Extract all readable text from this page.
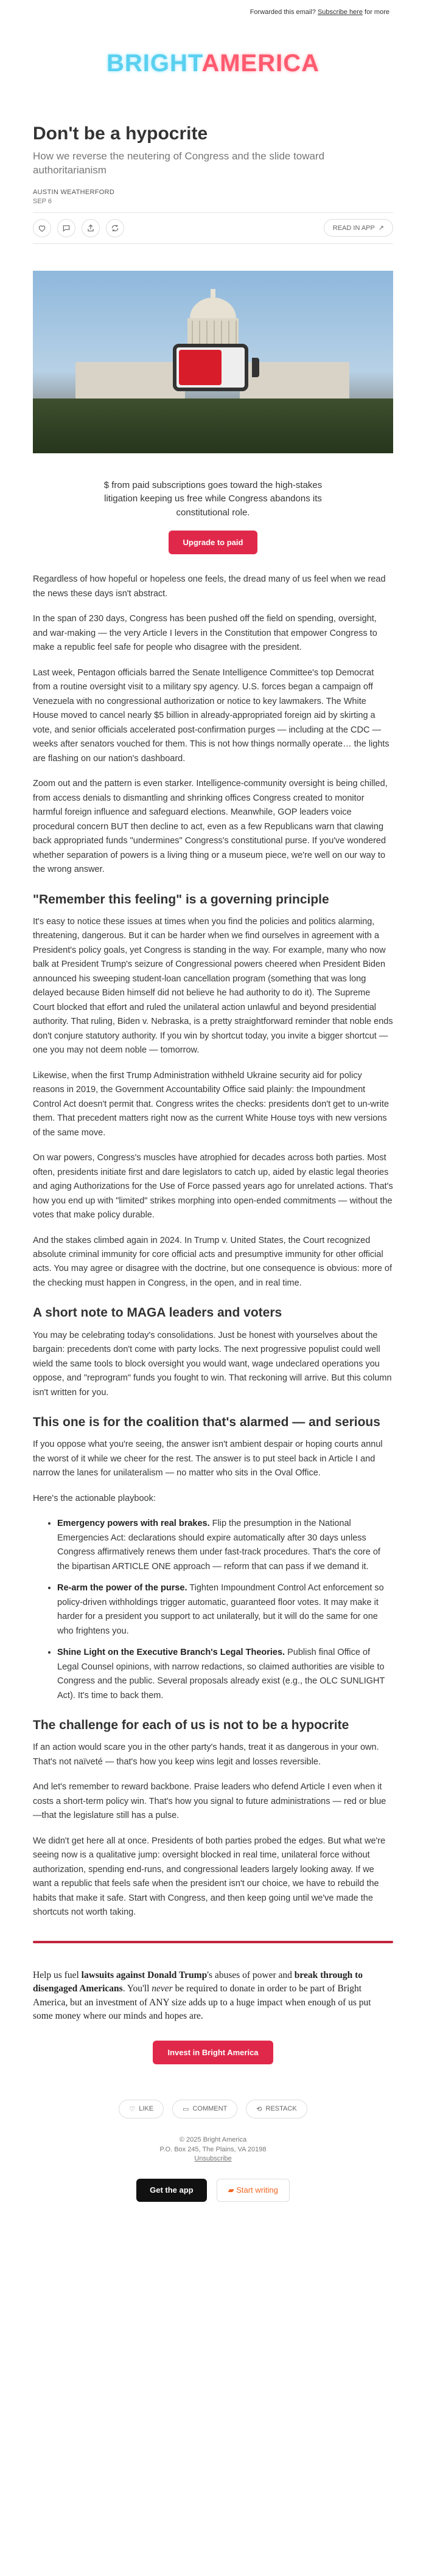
Forwarded this email? Subscribe here for more
BRIGHTAMERICA
Don't be a hypocrite
How we reverse the neutering of Congress and the slide toward authoritarianism
AUSTIN WEATHERFORD
SEP 6
READ IN APP  ↗
$ from paid subscriptions goes toward the high-stakes litigation keeping us free while Congress abandons its constitutional role.
Upgrade to paid

Regardless of how hopeful or hopeless one feels, the dread many of us feel when we read the news these days isn't abstract.

In the span of 230 days, Congress has been pushed off the field on spending, oversight, and war-making — the very Article I levers in the Constitution that empower Congress to make a republic feel safe for people who disagree with the president.

Last week, Pentagon officials barred the Senate Intelligence Committee's top Democrat from a routine oversight visit to a military spy agency. U.S. forces began a campaign off Venezuela with no congressional authorization or notice to key lawmakers. The White House moved to cancel nearly $5 billion in already-appropriated foreign aid by skirting a vote, and senior officials accelerated post-confirmation purges — including at the CDC — weeks after senators vouched for them. This is not how things normally operate… the lights are flashing on our nation's dashboard.

Zoom out and the pattern is even starker. Intelligence-community oversight is being chilled, from access denials to dismantling and shrinking offices Congress created to monitor harmful foreign influence and safeguard elections. Meanwhile, GOP leaders voice procedural concern BUT then decline to act, even as a few Republicans warn that clawing back appropriated funds "undermines" Congress's constitutional purse. If you've wondered whether separation of powers is a living thing or a museum piece, we're well on our way to the wrong answer.

"Remember this feeling" is a governing principle

It's easy to notice these issues at times when you find the policies and politics alarming, threatening, dangerous. But it can be harder when we find ourselves in agreement with a President's policy goals, yet Congress is standing in the way. For example, many who now balk at President Trump's seizure of Congressional powers cheered when President Biden announced his sweeping student-loan cancellation program (something that was long delayed because Biden himself did not believe he had authority to do it). The Supreme Court blocked that effort and ruled the unilateral action unlawful and beyond presidential authority. That ruling, Biden v. Nebraska, is a pretty straightforward reminder that noble ends don't conjure statutory authority. If you win by shortcut today, you invite a bigger shortcut —one you may not deem noble — tomorrow.

Likewise, when the first Trump Administration withheld Ukraine security aid for policy reasons in 2019, the Government Accountability Office said plainly: the Impoundment Control Act doesn't permit that. Congress writes the checks: presidents don't get to un-write them. That precedent matters right now as the current White House toys with new versions of the same move.

On war powers, Congress's muscles have atrophied for decades across both parties. Most often, presidents initiate first and dare legislators to catch up, aided by elastic legal theories and aging Authorizations for the Use of Force passed years ago for unrelated actions. That's how you end up with "limited" strikes morphing into open-ended commitments — without the votes that make policy durable.

And the stakes climbed again in 2024. In Trump v. United States, the Court recognized absolute criminal immunity for core official acts and presumptive immunity for other official acts. You may agree or disagree with the doctrine, but one consequence is obvious: more of the checking must happen in Congress, in the open, and in real time.

A short note to MAGA leaders and voters

You may be celebrating today's consolidations. Just be honest with yourselves about the bargain: precedents don't come with party locks. The next progressive populist could well wield the same tools to block oversight you would want, wage undeclared operations you oppose, and "reprogram" funds you fought to win. That reckoning will arrive. But this column isn't written for you.

This one is for the coalition that's alarmed — and serious

If you oppose what you're seeing, the answer isn't ambient despair or hoping courts annul the worst of it while we cheer for the rest. The answer is to put steel back in Article I and narrow the lanes for unilateralism — no matter who sits in the Oval Office.

Here's the actionable playbook:

• Emergency powers with real brakes. Flip the presumption in the National Emergencies Act: declarations should expire automatically after 30 days unless Congress affirmatively renews them under fast-track procedures. That's the core of the bipartisan ARTICLE ONE approach — reform that can pass if we demand it.
• Re-arm the power of the purse. Tighten Impoundment Control Act enforcement so policy-driven withholdings trigger automatic, guaranteed floor votes. It may make it harder for a president you support to act unilaterally, but it will do the same for one who frightens you.
• Shine Light on the Executive Branch's Legal Theories. Publish final Office of Legal Counsel opinions, with narrow redactions, so claimed authorities are visible to Congress and the public. Several proposals already exist (e.g., the OLC SUNLIGHT Act). It's time to back them.
The challenge for each of us is not to be a hypocrite

If an action would scare you in the other party's hands, treat it as dangerous in your own. That's not naïveté — that's how you keep wins legit and losses reversible.

And let's remember to reward backbone. Praise leaders who defend Article I even when it costs a short-term policy win. That's how you signal to future administrations — red or blue—that the legislature still has a pulse.

We didn't get here all at once. Presidents of both parties probed the edges. But what we're seeing now is a qualitative jump: oversight blocked in real time, unilateral force without authorization, spending end-runs, and congressional leaders largely looking away. If we want a republic that feels safe when the president isn't our choice, we have to rebuild the habits that make it safe. Start with Congress, and then keep going until we've made the shortcuts not worth taking.

Help us fuel lawsuits against Donald Trump's abuses of power and break through to disengaged Americans. You'll never be required to donate in order to be part of Bright America, but an investment of ANY size adds up to a huge impact when enough of us put some money where our minds and hopes are.
Invest in Bright America
♡ LIKE	▭ COMMENT	⟲ RESTACK
© 2025 Bright America
P.O. Box 245, The Plains, VA 20198
Unsubscribe
Get the app	▰ Start writing
